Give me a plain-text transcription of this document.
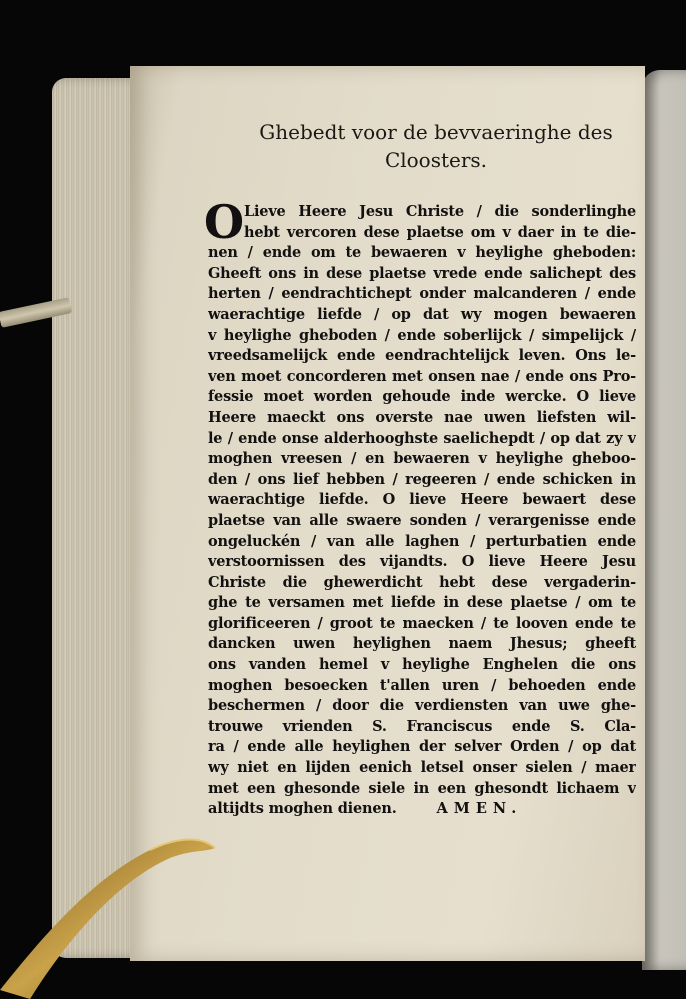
Ghebedt voor de bevvaeringhe des
Cloosters.
O Lieve Heere Jesu Christe / die sonderlinghe
hebt vercoren dese plaetse om v daer in te die-
nen / ende om te bewaeren v heylighe gheboden:
Gheeft ons in dese plaetse vrede ende salichept des
herten / eendrachtichept onder malcanderen / ende
waerachtige liefde / op dat wy mogen bewaeren
v heylighe gheboden / ende soberlijck / simpelijck /
vreedsamelijck ende eendrachtelijck leven. Ons le-
ven moet concorderen met onsen nae / ende ons Pro-
fessie moet worden gehoude inde wercke. O lieve
Heere maeckt ons overste nae uwen liefsten wil-
le / ende onse alderhooghste saelichepdt / op dat zy v
moghen vreesen / en bewaeren v heylighe gheboo-
den / ons lief hebben / regeeren / ende schicken in
waerachtige liefde. O lieve Heere bewaert dese
plaetse van alle swaere sonden / verargenisse ende
ongeluckén / van alle laghen / perturbatien ende
verstoornissen des vijandts. O lieve Heere Jesu
Christe die ghewerdicht hebt dese vergaderin-
ghe te versamen met liefde in dese plaetse / om te
glorificeeren / groot te maecken / te looven ende te
dancken uwen heylighen naem Jhesus; gheeft
ons vanden hemel v heylighe Enghelen die ons
moghen besoecken t'allen uren / behoeden ende
beschermen / door die verdiensten van uwe ghe-
trouwe vrienden S. Franciscus ende S. Cla-
ra / ende alle heylighen der selver Orden / op dat
wy niet en lijden eenich letsel onser sielen / maer
met een ghesonde siele in een ghesondt lichaem v
altijdts moghen dienen.	AMEN.
